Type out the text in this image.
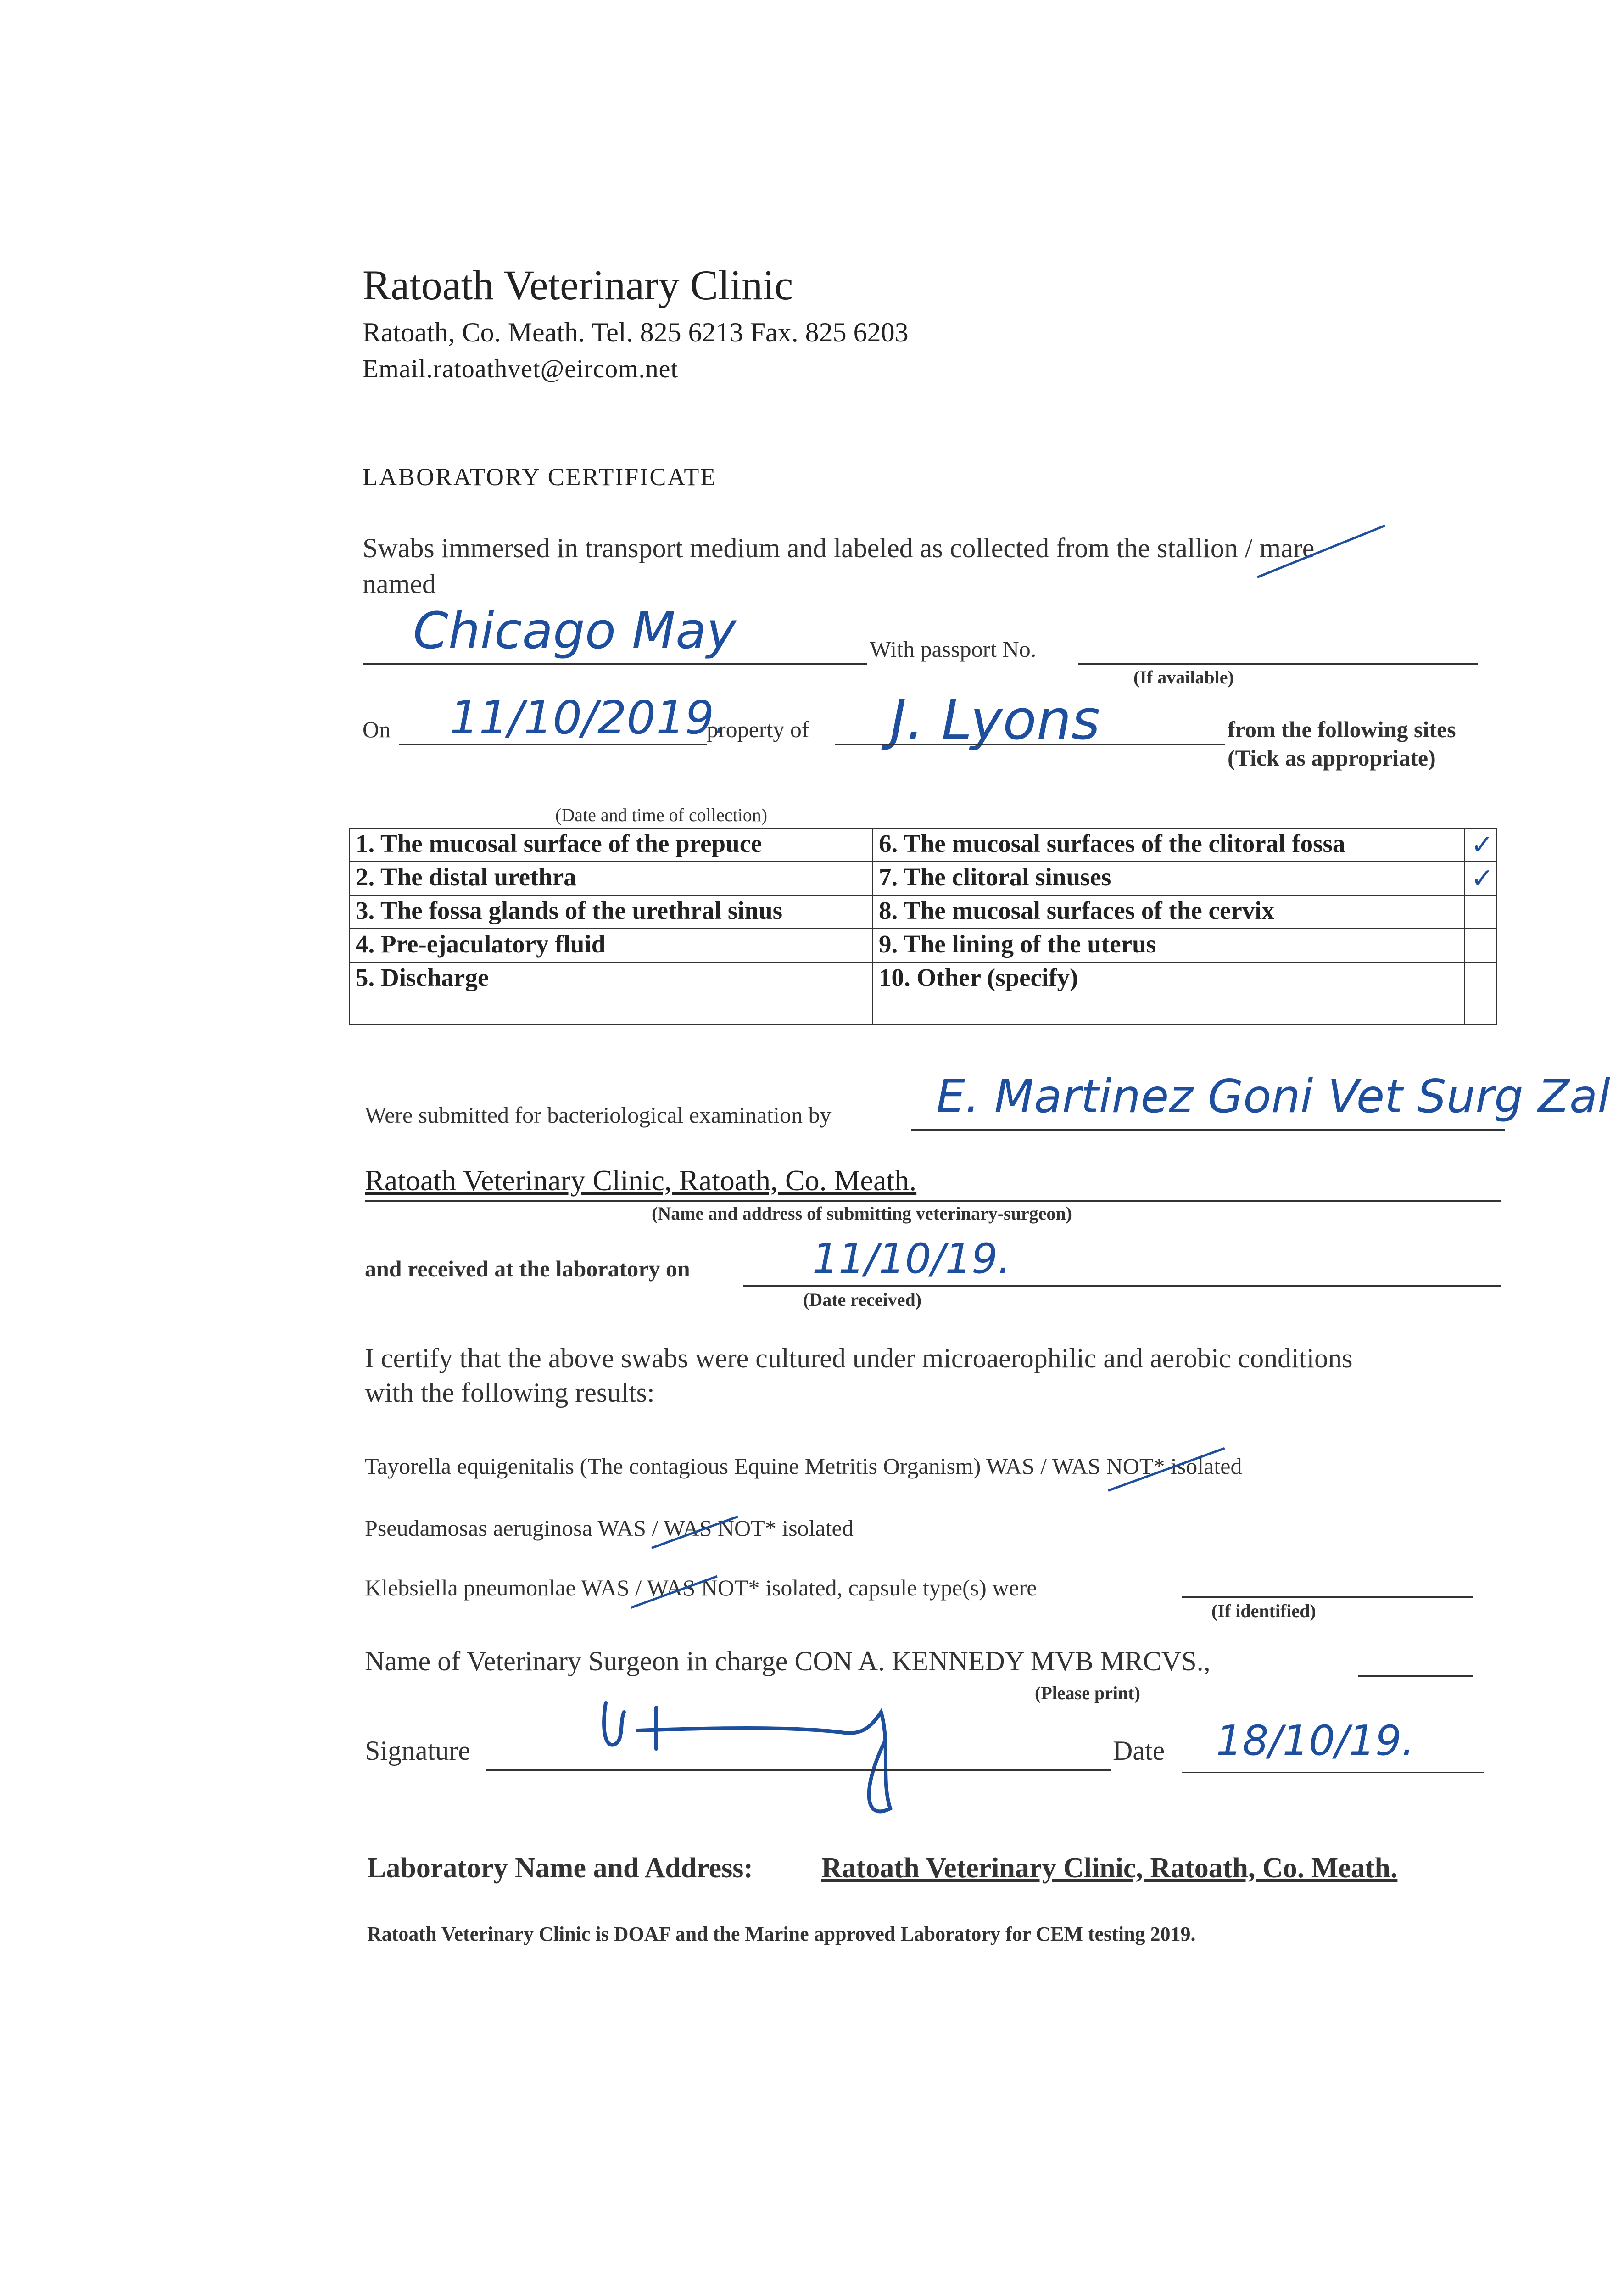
Ratoath Veterinary Clinic
Ratoath, Co. Meath. Tel. 825 6213 Fax. 825 6203
Email.ratoathvet@eircom.net
LABORATORY CERTIFICATE
Swabs immersed in transport medium and labeled as collected from the stallion / mare
named
Chicago May	With passport No.
(If available)
On 11/10/2019.
property of J. Lyons	from the following sites
(Tick as appropriate)
(Date and time of collection)
1. The mucosal surface of the prepuce	6. The mucosal surfaces of the clitoral fossa	✓
2. The distal urethra	7. The clitoral sinuses	✓
3. The fossa glands of the urethral sinus	8. The mucosal surfaces of the cervix	
4. Pre-ejaculatory fluid	9. The lining of the uterus	
5. Discharge	10. Other (specify)	
Were submitted for bacteriological examination by E. Martinez Goni Vet Surg Zal
Ratoath Veterinary Clinic, Ratoath, Co. Meath.
(Name and address of submitting veterinary-surgeon)
and received at the laboratory on	11/10/19.
(Date received)
I certify that the above swabs were cultured under microaerophilic and aerobic conditions
with the following results:
Tayorella equigenitalis (The contagious Equine Metritis Organism) WAS / WAS NOT* isolated
Pseudamosas aeruginosa WAS / WAS NOT* isolated
Klebsiella pneumonlae WAS / WAS NOT* isolated, capsule type(s) were
(If identified)
Name of Veterinary Surgeon in charge CON A. KENNEDY MVB MRCVS.,
(Please print)
Signature	Date 18/10/19.
Laboratory Name and Address: Ratoath Veterinary Clinic, Ratoath, Co. Meath.
Ratoath Veterinary Clinic is DOAF and the Marine approved Laboratory for CEM testing 2019.
